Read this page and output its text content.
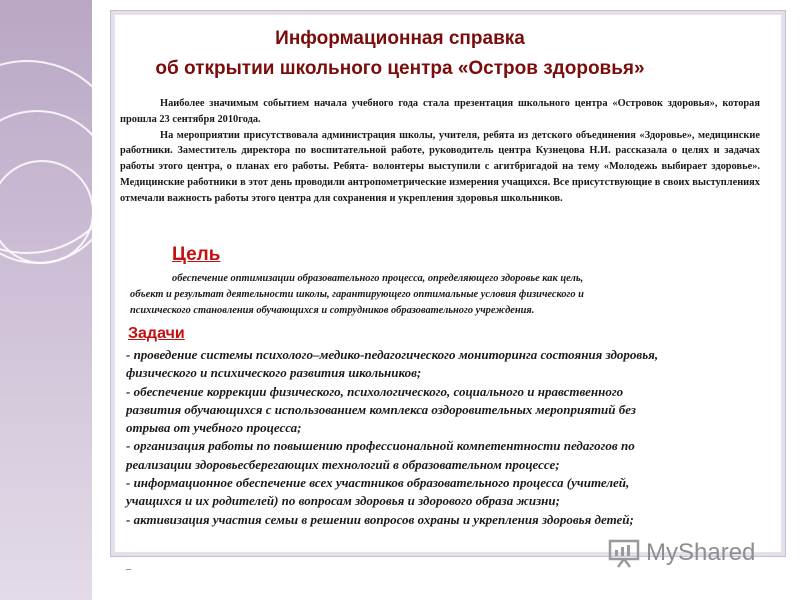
Информационная справка
об открытии школьного центра «Остров здоровья»

Наиболее значимым событием начала учебного года стала презентация школьного центра «Островок здоровья», которая прошла 23 сентября 2010года.

На мероприятии присутствовала администрация школы, учителя, ребята из детского объединения «Здоровье», медицинские работники. Заместитель директора по воспитательной работе, руководитель центра Кузнецова Н.И. рассказала о целях и задачах работы этого центра, о планах его работы. Ребята- волонтеры выступили с агитбригадой на тему «Молодежь выбирает здоровье». Медицинские работники в этот день проводили антропометрические измерения учащихся. Все присутствующие в своих выступлениях отмечали важность работы этого центра для сохранения и укрепления здоровья школьников.

Цель
обеспечение оптимизации образовательного процесса, определяющего здоровье как цель,
объект и результат деятельности школы, гарантирующего оптимальные условия физического и
психического становления обучающихся и сотрудников образовательного учреждения.
Задачи
- проведение системы психолого–медико-педагогического мониторинга состояния здоровья,
физического и психического развития школьников;
- обеспечение коррекции физического, психологического, социального и нравственного
развития обучающихся с использованием комплекса оздоровительных мероприятий без
отрыва от учебного процесса;
- организация работы по повышению профессиональной компетентности педагогов по
реализации здоровьесберегающих технологий в образовательном процессе;
- информационное обеспечение всех участников образовательного процесса (учителей,
учащихся и их родителей) по вопросам здоровья и здорового образа жизни;
- активизация участия семьи в решении вопросов охраны и укрепления здоровья детей;
MyShared
–
